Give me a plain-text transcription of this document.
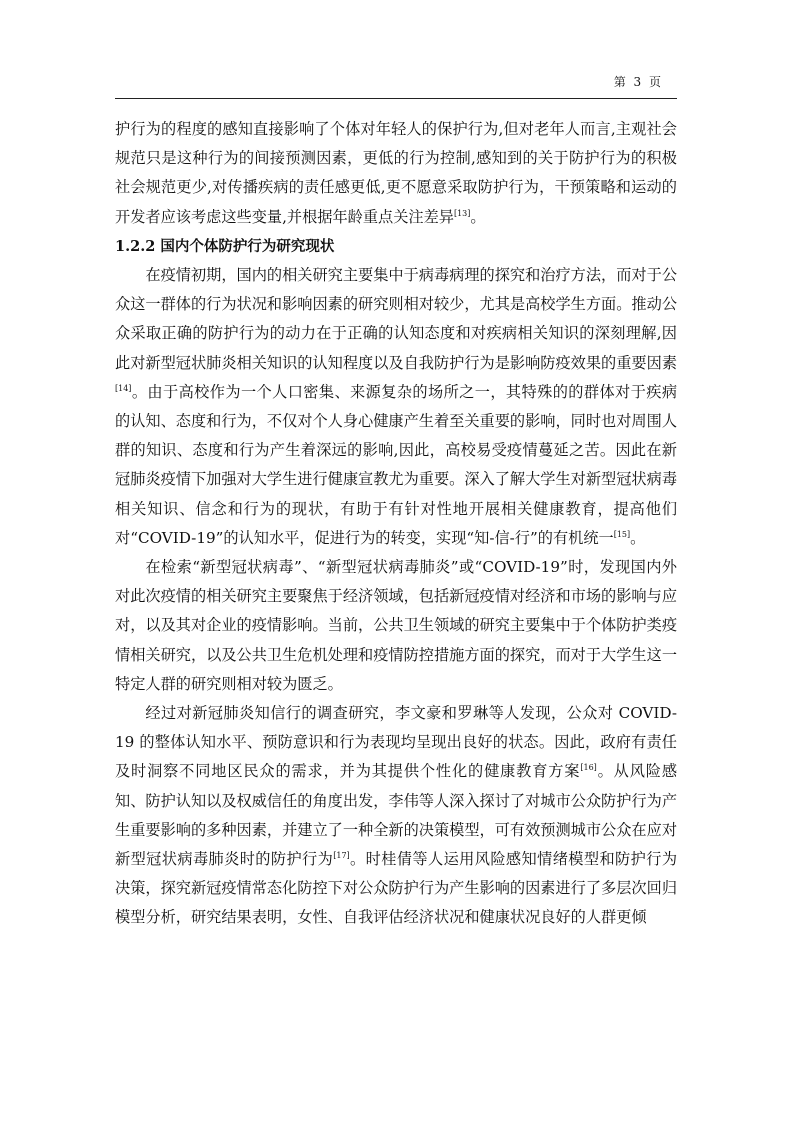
第 3 页

护行为的程度的感知直接影响了个体对年轻人的保护行为,但对老年人而言,主观社会规范只是这种行为的间接预测因素，更低的行为控制,感知到的关于防护行为的积极社会规范更少,对传播疾病的责任感更低,更不愿意采取防护行为，干预策略和运动的开发者应该考虑这些变量,并根据年龄重点关注差异[13]。

1.2.2 国内个体防护行为研究现状

在疫情初期，国内的相关研究主要集中于病毒病理的探究和治疗方法，而对于公众这一群体的行为状况和影响因素的研究则相对较少，尤其是高校学生方面。推动公众采取正确的防护行为的动力在于正确的认知态度和对疾病相关知识的深刻理解,因此对新型冠状肺炎相关知识的认知程度以及自我防护行为是影响防疫效果的重要因素[14]。由于高校作为一个人口密集、来源复杂的场所之一，其特殊的的群体对于疾病的认知、态度和行为，不仅对个人身心健康产生着至关重要的影响，同时也对周围人群的知识、态度和行为产生着深远的影响,因此，高校易受疫情蔓延之苦。因此在新冠肺炎疫情下加强对大学生进行健康宣教尤为重要。深入了解大学生对新型冠状病毒相关知识、信念和行为的现状，有助于有针对性地开展相关健康教育，提高他们对“COVID-19”的认知水平，促进行为的转变，实现“知-信-行”的有机统一[15]。

在检索“新型冠状病毒”、“新型冠状病毒肺炎”或“COVID-19”时，发现国内外对此次疫情的相关研究主要聚焦于经济领域，包括新冠疫情对经济和市场的影响与应对，以及其对企业的疫情影响。当前，公共卫生领域的研究主要集中于个体防护类疫情相关研究，以及公共卫生危机处理和疫情防控措施方面的探究，而对于大学生这一特定人群的研究则相对较为匮乏。

经过对新冠肺炎知信行的调查研究，李文豪和罗琳等人发现，公众对 COVID-19 的整体认知水平、预防意识和行为表现均呈现出良好的状态。因此，政府有责任及时洞察不同地区民众的需求，并为其提供个性化的健康教育方案[16]。从风险感知、防护认知以及权威信任的角度出发，李伟等人深入探讨了对城市公众防护行为产生重要影响的多种因素，并建立了一种全新的决策模型，可有效预测城市公众在应对新型冠状病毒肺炎时的防护行为[17]。时桂倩等人运用风险感知情绪模型和防护行为决策，探究新冠疫情常态化防控下对公众防护行为产生影响的因素进行了多层次回归模型分析，研究结果表明，女性、自我评估经济状况和健康状况良好的人群更倾
